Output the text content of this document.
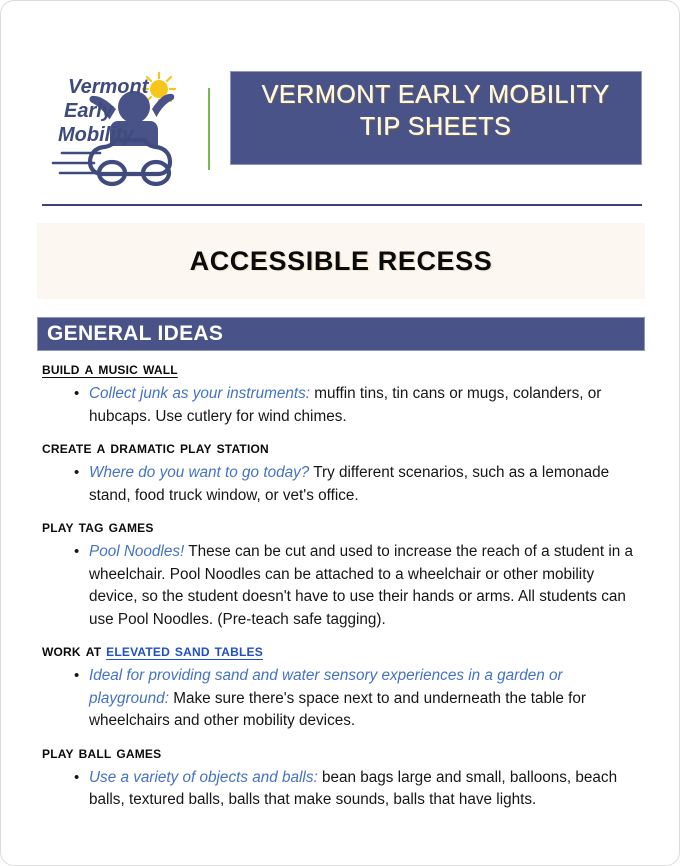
Vermont
Early
Mobility
VERMONT EARLY MOBILITY
TIP SHEETS
ACCESSIBLE RECESS
GENERAL IDEAS
build a music wall
• Collect junk as your instruments: muffin tins, tin cans or mugs, colanders, or hubcaps. Use cutlery for wind chimes.
create a dramatic play station
• Where do you want to go today? Try different scenarios, such as a lemonade stand, food truck window, or vet's office.
play tag games
• Pool Noodles! These can be cut and used to increase the reach of a student in a wheelchair. Pool Noodles can be attached to a wheelchair or other mobility device, so the student doesn't have to use their hands or arms. All students can use Pool Noodles. (Pre-teach safe tagging).
work at elevated sand tables
• Ideal for providing sand and water sensory experiences in a garden or playground: Make sure there's space next to and underneath the table for wheelchairs and other mobility devices.
play ball games
• Use a variety of objects and balls: bean bags large and small, balloons, beach balls, textured balls, balls that make sounds, balls that have lights.
